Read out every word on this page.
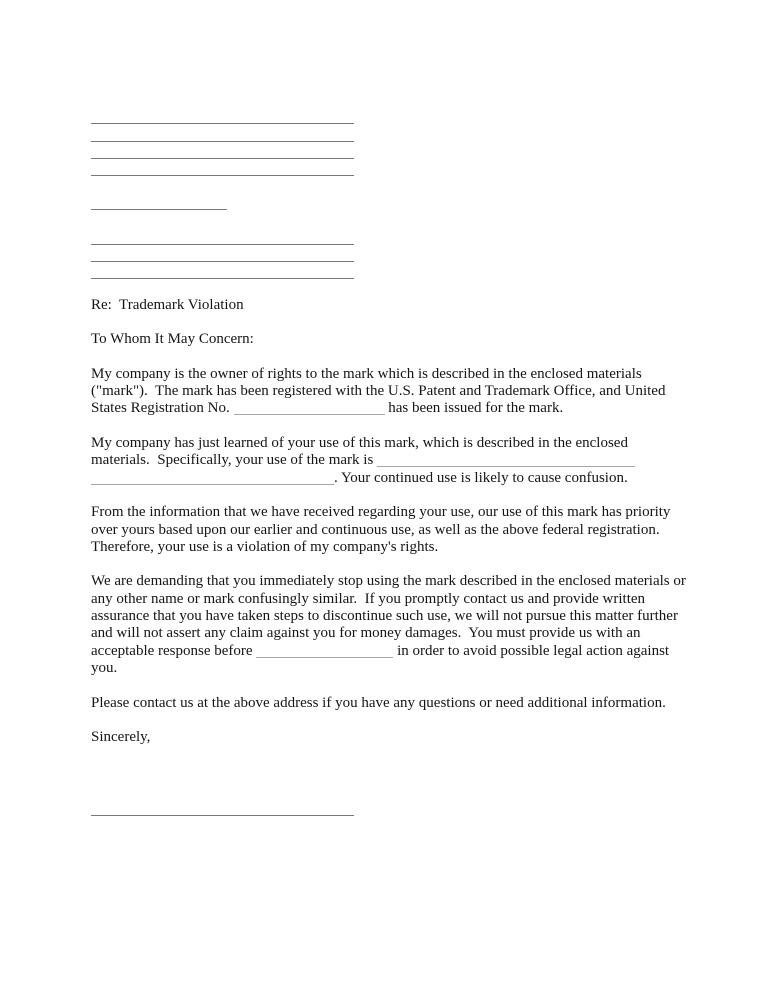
Re:  Trademark Violation

To Whom It May Concern:

My company is the owner of rights to the mark which is described in the enclosed materials ("mark").  The mark has been registered with the U.S. Patent and Trademark Office, and United States Registration No.	has been issued for the mark.

My company has just learned of your use of this mark, which is described in the enclosed materials.  Specifically, your use of the mark is  . Your continued use is likely to cause confusion.

From the information that we have received regarding your use, our use of this mark has priority over yours based upon our earlier and continuous use, as well as the above federal registration.  Therefore, your use is a violation of my company's rights.

We are demanding that you immediately stop using the mark described in the enclosed materials or any other name or mark confusingly similar.  If you promptly contact us and provide written assurance that you have taken steps to discontinue such use, we will not pursue this matter further and will not assert any claim against you for money damages.  You must provide us with an acceptable response before	in order to avoid possible legal action against you.

Please contact us at the above address if you have any questions or need additional information.

Sincerely,
